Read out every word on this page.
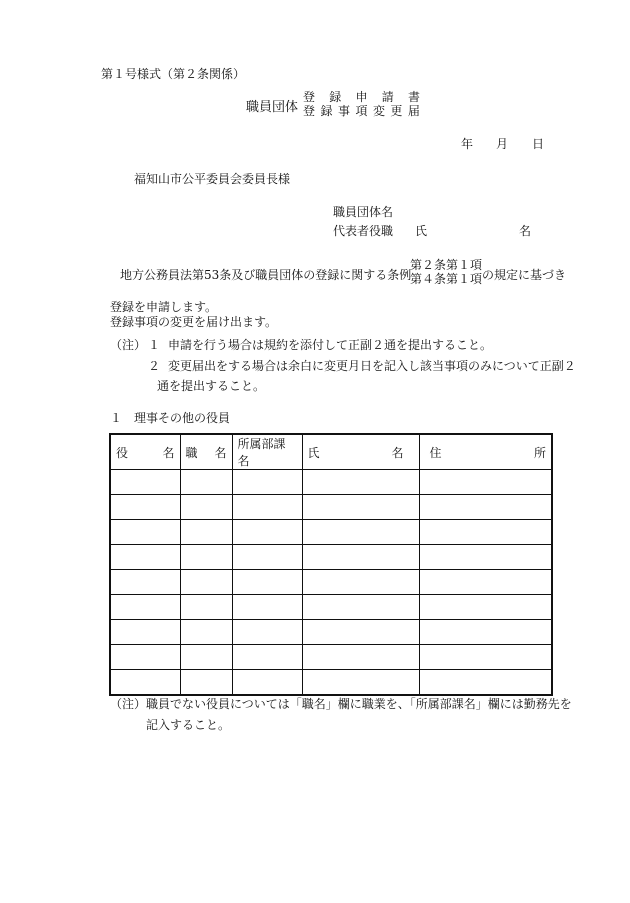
第１号様式（第２条関係）
職員団体
登 録 申 請 書
登 録 事 項 変 更 届
年 月 日
福知山市公平委員会委員長様
職員団体名
代表者役職 氏	名
地方公務員法第53条及び職員団体の登録に関する条例
第２条第１項
第４条第１項 の規定に基づき
登録を申請します。
登録事項の変更を届け出ます。
（注） １ 申請を行う場合は規約を添付して正副２通を提出すること。
２ 変更届出をする場合は余白に変更月日を記入し該当事項のみについて正副２
通を提出すること。
１　理事その他の役員
役 名	職 名	所属部課名	氏 名	住 所

（注） 職員でない役員については「職名」欄に職業を、「所属部課名」欄には勤務先を
記入すること。
